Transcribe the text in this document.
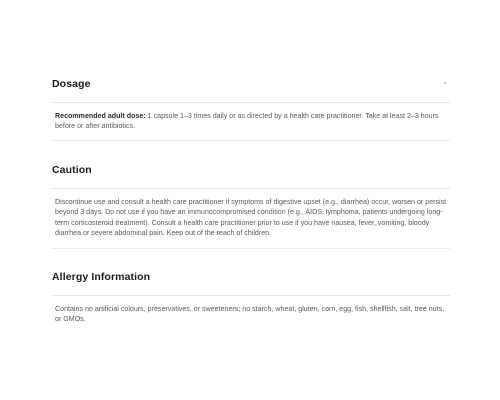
Dosage	⌄
Recommended adult dose: 1 capsule 1–3 times daily or as directed by a health care practitioner. Take at least 2–3 hours before or after antibiotics.
Caution	⌄
Discontinue use and consult a health care practitioner if symptoms of digestive upset (e.g., diarrhea) occur, worsen or persist beyond 3 days. Do not use if you have an immunocompromised condition (e.g., AIDS, lymphoma, patients undergoing long-term corticosteroid treatment). Consult a health care practitioner prior to use if you have nausea, fever, vomiting, bloody diarrhea or severe abdominal pain. Keep out of the reach of children.
Allergy Information	⌄
Contains no artificial colours, preservatives, or sweeteners; no starch, wheat, gluten, corn, egg, fish, shellfish, salt, tree nuts, or GMOs.
